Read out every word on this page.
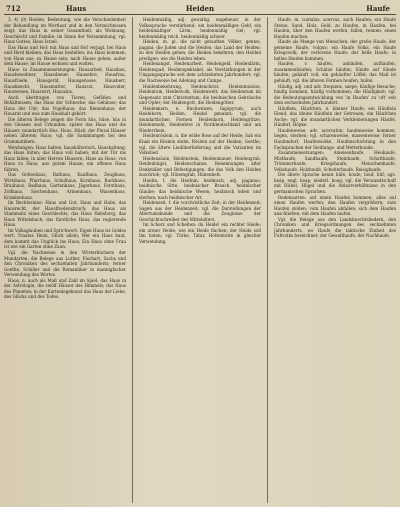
712	Haus	Heiden	Haufe

3, 4) (0) Heiden, Bedeutung, wie die Verschiedenheit der Behandlung im Wortlaut und in den Verzeichnissen zeigt; das Haus in seiner Gesamtheit, als Wohnung, Geschlecht und Familie; im Sinne der Versammlung, vgl. Haus Gottes, Haus Israel.

Das Haus und Hof; mit Haus und Hof verjagt, bei Haus und Herd bleiben; das Haus bestellen; ins Haus kommen; von Haus aus; zu Hause sein; nach Hause gehen; außer dem Hause; im Hause wohnen und walten.

Haus- in Zusammensetzungen: Hausarbeit, Hausbau, Hausbewohner, Hausdiener, Hausehre, Hausfrau, Hausfriede, Hausgerät, Hausgenosse, Hausherr, Hausknecht, Hausmutter, Hausrat, Hausvater, Hauswesen, Hauswirt, Hauszins.

Auch übertragen von Tieren, Gefäßen und Behältnissen; das Haus der Schnecke; das Gehäuse; das Haus der Uhr; das Vogelhaus; das Bienenhaus; der Hausrat und was zum Haushalt gehört.

Die älteren Belege zeigen die Form hûs, hûse, hüs in den Glossen und Urkunden; später das Haus und die Häuser; mundartlich Hus, Huus, Hüsli; der Plural Häuser neben älterem Haus; vgl. die Sammlungen bei den Grammatikern.

Wendungen: Haus halten, haushälterisch, Haushaltung; das Haus hüten; das Haus voll haben; mit der Tür ins Haus fallen; in aller Herren Häusern; Haus an Haus; von Haus zu Haus; aus gutem Hause; ein offenes Haus führen.

Das Gotteshaus, Rathaus, Kaufhaus, Zeughaus, Wirtshaus, Pfarrhaus, Schulhaus, Kornhaus, Backhaus, Brauhaus, Badhaus, Gartenhaus, Jägerhaus, Forsthaus, Zollhaus, Siechenhaus, Armenhaus, Waisenhaus, Krankenhaus.

Im Rechtssinne: Haus und Gut, Haus und Habe, das Hausrecht, der Hausfriedensbruch; das Haus als Stammsitz eines Geschlechts; das Haus Habsburg, das Haus Wittelsbach; das fürstliche Haus, das regierende Haus.

Im Volksglauben und Sprichwort: Eigen Haus ist Goldes wert; Trautes Heim, Glück allein; Wer ein Haus baut, dem kommt das Unglück ins Haus; Ein Haus ohne Frau ist wie ein Garten ohne Zaun.

Vgl. die Nachweise in den Wörterbüchern der Mundarten, die Belege aus Luther, Fischart, Sachs und den Chroniken des sechzehnten Jahrhunderts; ferner Goethe, Schiller und die Romantiker in mannigfacher Verwendung des Wortes.

Haus, n. auch als Maß und Zahl im Spiel; das Haus in der Astrologie, die zwölf Häuser des Himmels; das Haus des Planeten; in der Kartenlegekunst das Haus der Liebe, des Glücks und des Todes.

Heidenmäßig, adj. gewaltig, ungeheuer, in der Volkssprache verstärkend: ein heidenmäßiges Geld, ein heidenmäßiger Lärm; heidenmäßig viel; vgl. heidenmäßig reich, heidenmäßig schwer.

Heiden, m. pl. die nicht getauften Völker, gentes, pagani; die Juden und die Heiden; das Land der Heiden; zu den Heiden gehen; die Heiden bekehren; den Heiden predigen; wie die Heiden leben.

Heidenangst, Heidenarbeit, Heidengeld, Heidenlärm, Heidenspaß, Heidenspektakel, als Verstärkungen in der Umgangssprache seit dem achtzehnten Jahrhundert; vgl. die Nachweise bei Adelung und Campe.

Heidenbekehrung, Heidenchrist, Heidenmission, Heidentum, Heidenvolk, Heidenwelt; das Heidentum im Gegensatz zum Christentum; die heidnischen Gebräuche und Opfer; der Heidengott, die Heidengötter.

Heidenkorn, n. Buchweizen, fagopyrum, auch Heidekorn, Heiden, Heidel genannt; vgl. die mundartlichen Formen Heidenkorn, Heidengrütze, Heidenmehl, Heidenbrei in Norddeutschland und am Niederrhein.

Heidenröslein, n. die wilde Rose auf der Heide; Sah ein Knab ein Röslein stehn, Röslein auf der Heiden, Goethe; vgl. die ältere Liedüberlieferung und die Varianten im Volkslied.

Heidensäule, Heidenstein, Heidenmauer, Heidengrab, Heidenhügel, Heidenschanze, Benennungen alter Denkmäler und Befestigungen, die das Volk den Heiden zuschrieb; vgl. Hünengrab, Hünenbett.

Heidin, f. die Heidnin; heidnisch, adj. paganus; heidnische Sitte, heidnischer Brauch, heidnischer Glaube; das heidnische Wesen; heidnisch leben und sterben; nach heidnischer Art.

Heidenzeit, f. die vorchristliche Zeit; in der Heidenzeit; Sagen aus der Heidenzeit; vgl. die Darstellungen der Altertumskunde und die Zeugnisse der Geschichtschreiber des Mittelalters.

Im Scherz und Schelten: du Heide! ein rechter Heide; ein armer Heide; wie ein Heide fluchen; der Heide soll ihn holen; vgl. Türke, Tatar, Hottentotte in gleicher Verwendung.

Haufe, m. cumulus, acervus, auch Haufen; ein Haufe Steine, Sand, Holz, Geld; zu Haufen, in Haufen, bei Haufen; über den Haufen werfen, fallen, rennen; einen Haufen machen.

Haufe als Menge von Menschen: der große Haufe, der gemeine Haufe, vulgus; ein Haufe Volks, ein Haufe Kriegsvolk; der verlorene Haufe; der helle Haufe; in hellen Haufen kommen.

Haufen, v. häufen, anhäufen, aufhäufen, zusammenhäufen; Schätze häufen; Sünde auf Sünde häufen; gehäuft voll; ein gehäufter Löffel; das Maß ist gehäuft; vgl. die älteren Formen houfen, hufen.

Häufig, adj. und adv. frequens, saepe; häufige Besuche; häufig kommen, häufig vorkommen; die Häufigkeit; vgl. die Bedeutungsentwicklung von 'in Haufen' zu 'oft' seit dem sechzehnten Jahrhundert.

Häuflein, Häufchen, n. kleiner Haufe; ein Häuflein Elend; das kleine Häuflein der Getreuen; ein Häufchen Asche; vgl. die mundartlichen Verkleinerungen Häufel, Häuferl, Höpke.

Haufenweise, adv. acervatim; haufenweise kommen, liegen, sterben; vgl. scharenweise, massenweise; ferner Haufendorf, Haufenwolke, Haufenschichtung in den Fachsprachen der Siedlungs- und Wetterkunde.

Zusammensetzungen: Ameisenhaufe, Heuhaufe, Misthaufe, Sandhaufe, Steinhaufe, Schutthaufe, Trümmerhaufe, Kriegshaufe, Menschenhaufe, Volkshaufe, Holzhaufe, Scheiterhaufe, Reisighaufe.

Die ältere Sprache kennt hûfe, houfe, houf, hûf; ags. heáp, engl. heap; niederl. hoop; vgl. die Verwandtschaft mit Hübel, Hügel und die Ablautverhältnisse in den germanischen Sprachen.

Redensarten: auf einen Haufen kommen; alles auf einen Haufen werfen; den Haufen vergrößern; zum Haufen stoßen; vom Haufen abfallen; sich dem Haufen anschließen; mit dem Haufen laufen.

Vgl. die Belege aus den Landsknechtsliedern, den Chroniken und Kriegsordnungen des sechzehnten Jahrhunderts, wo Haufe die taktische Einheit des Fußvolks bezeichnet; der Gewalthaufe, der Nachhaufe.
